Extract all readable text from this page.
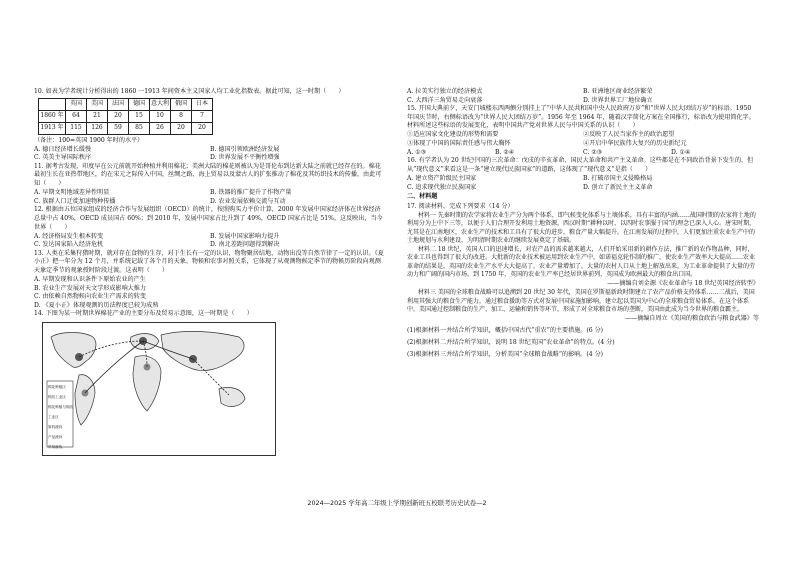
10. 如表为学者统计分析得出的 1860 一1913 年间资本主义国家人均工业化指数表。据此可知，这一时期（　　）

	英国	美国	法国	德国	意大利	俄国	日本
1860 年	64	21	20	15	10	8	7
1913 年	115	126	59	85	26	20	20

（备注：100=英国 1900 年时的水平）

A. 德日经济增长缓慢	B. 德国引领欧洲经济发展
C. 英美主导国际秩序	D. 世界发展不平衡性增强

11. 据考古发现，印度早在公元前就开始种植并利用棉花；美洲大陆的棉花则被认为是哥伦布到达新大陆之前就已经存在的。棉花最初生长在亚热带地区，约在宋元之际传入中国，丝绸之路、海上贸易以及蒙古人的扩张推动了棉花及其纺织技术的传播，由此可知（　　）

A. 早期文明地域差异性明显	B. 铁器的推广提升了作物产量
C. 族群人口迁徙加速物种传播	D. 农业发展依赖交流与互动

12. 根据由五位国家组成的经济合作与发展组织（OECD）的统计，按照购买力平价计算，2000 年发展中国家经济体在世界经济总量中占 40%，OECD 成员国占 60%；到 2010 年，发展中国家占比升到了 49%，OECD 国家占比是 51%。这反映出，当今世界（　　）

A. 经济格局发生根本转变	B. 发展中国家影响力提升
C. 发达国家陷入经济危机	D. 南北差距问题得到解决

13. 人类在采集狩猎时期，就对存在食物的生存，对于生长有一定的认识，物物聚居结地，动物出没等自然节律了一定的认识。《夏小正》把一年分为 12 个月，并系统记载了各个月的天象、物候和农事对照关系，它体现了从观测物候定季节的物候历阶段向观测天象定季节的观象授时阶段过渡。这表明（　　）

A. 早期发现和认识条件下原始农业的产生
B. 农业生产发展对天文学形成影响大推力
C. 由依赖自然物候向农业生产需求的转变
D. 《夏小正》体现观测的历法程度已较为成熟

14. 下图为某一时期世界棉花产业的主要分布及贸易示意图，这一时期是（　　）

棉花种植区
棉纺工业区
棉花种植与棉纺工业区
原料流向
产品流向
贸易航线
A. 拉美实行独立的经济模式	B. 亚洲地区商业经济繁荣
C. 大西洋三角贸易走向衰落	D. 世界世界工厂地位确立

15. 开国大典前夕，天安门城楼东西两侧分别挂上了“中华人民共和国中央人民政府万岁”和“世界人民大团结万岁”的标语。1950 年国庆节时，右侧标语改为“世界人民大团结万岁”。1956 年至 1964 年，随着汉字简化方案在全国推行，标语改为使用简化字。材料所述这些标语的发展变化，表明中国共产党对世界人民与中国关系的认识（　　）

①适应国家文化建设的形势和需要	②反映了人民当家作主的政治愿望
③体现了中国的国际责任感与伟大胸怀	④开启中华民族伟大复兴的历史新纪元
A. ①③	B. ②④	C. ②③	D. ①④

16. 有学者认为 20 世纪中国的三次革命：戊戌的辛亥革命、国民大革命和共产主义革命。这些都是在不同政治背景下发生的，但从“现代意义”来看这是一条“建立现代民族国家”的道路，这体现了“现代意义”是指（　　）

A. 建立资产阶级民主国家	B. 打破帝国主义侵略格局
C. 追求现代独立民族国家	D. 创立了新民主主义革命
二、材料题

17. 阅读材料，完成下列要求（14 分）

材料一 先秦时期的农学家将农业生产分为两个体系，即气候变化体系与土壤体系，具有丰富的内涵……战国时期的农家将土地的利用分为上中下三等，以便于人们合理开发利用土地资源，西汉时期“耕种以时，以四时农事服于国”的理念已深入人心。唐宋时期，尤其是在江南地区，农业生产的技术和工具有了很大的进步，粮食产量大幅提升。在江南发展的过程中，人们更加注重农业生产中的土地规划与水利建设，为明清时期农业的继续发展奠定了基础。

材料二 18 世纪，英国人口的迅速增长，对农产品的需求越来越大，人们开始采用新的耕作方法，推广新的农作物品种，同时，农业工具也得到了很大的改进。大批新的农业技术被运用到农业生产中，如诺福克轮作制的推广，使农业生产效率大大提高……农业革命的结果是，英国的农业生产水平大大提高了，农业产量增加了，大量的农村人口从土地上解放出来，为工业革命提供了大量的劳动力和广阔的国内市场。到 1750 年，英国的农业生产率已经居世界前列，英国成为欧洲最大的粮食出口国。

——摘编自刘金源《农业革命与 18 世纪英国经济转型》

材料三 美国的全球粮食战略可以追溯到 20 世纪 30 年代，美国在罗斯福新政时期建立了农产品价格支持体系……二战后，美国利用其强大的粮食生产能力，通过粮食援助等方式对发展中国家施加影响，建立起以美国为中心的全球粮食贸易体系。在这个体系中，美国通过控制粮食的生产、加工、运输和销售等环节，形成了对全球粮食市场的垄断，美国由此成为当今世界的粮食霸主。

——摘编自周立《美国的粮食政治与粮食武器》等

(1)根据材料一并结合所学知识，概括中国古代“重农”的主要措施。(6 分)
(2)根据材料二并结合所学知识，说明 18 世纪英国“农业革命”的特点。(4 分)
(3)根据材料三并结合所学知识，分析美国“全球粮食战略”的影响。(4 分)
2024—2025 学年高二年级上学期创新班五校联考历史试卷—2
